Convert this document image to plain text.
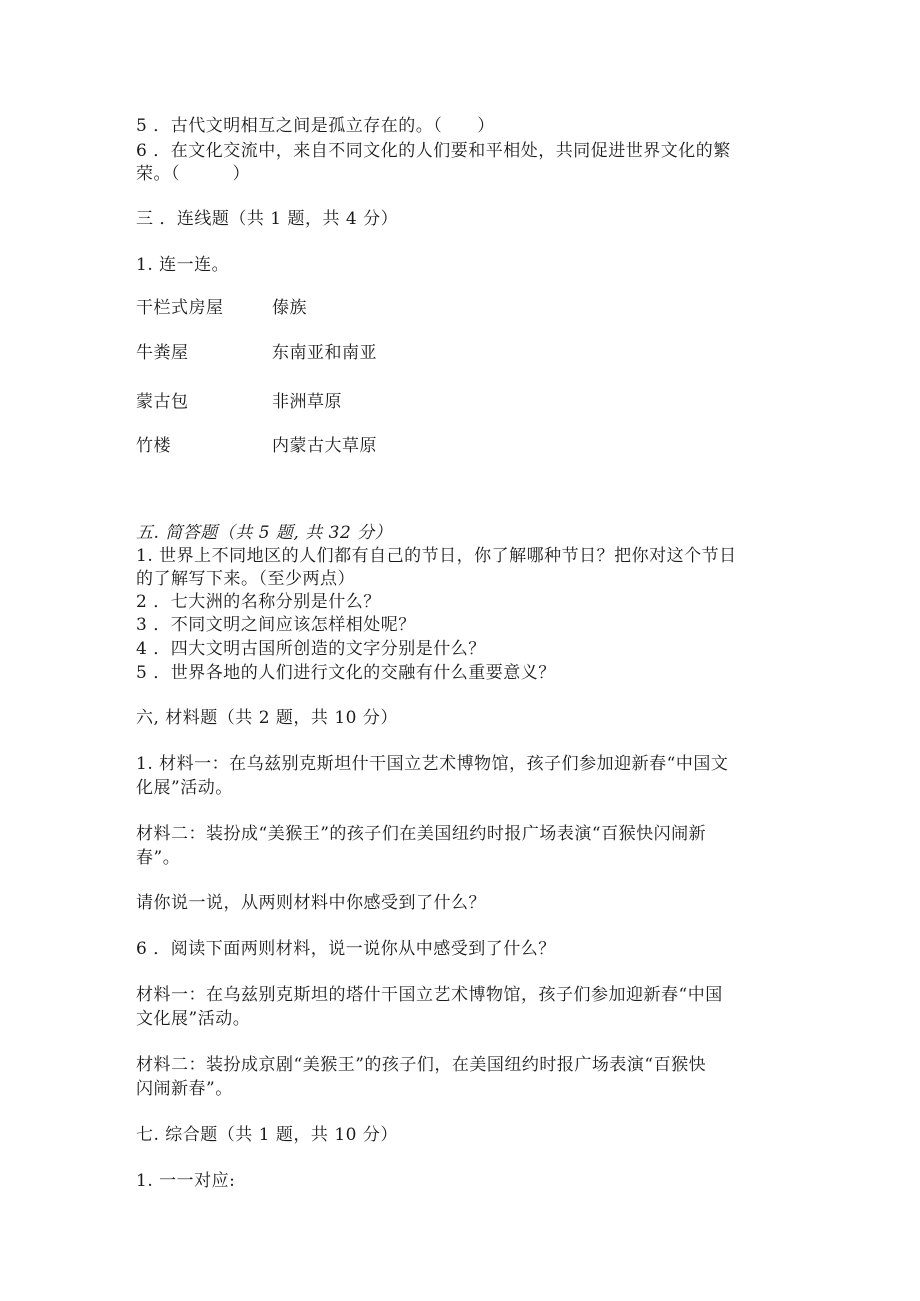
5 ．古代文明相互之间是孤立存在的。（　　）
6 ．在文化交流中，来自不同文化的人们要和平相处，共同促进世界文化的繁
荣。（　　　）
三 ．连线题（共 1 题，共 4 分）
1. 连一连。
干栏式房屋	傣族
牛粪屋	东南亚和南亚
蒙古包	非洲草原
竹楼	内蒙古大草原
五. 简答题（共 5 题, 共 32 分）
1. 世界上不同地区的人们都有自己的节日，你了解哪种节日？把你对这个节日
的了解写下来。（至少两点）
2 ．七大洲的名称分别是什么？
3 ．不同文明之间应该怎样相处呢？
4 ．四大文明古国所创造的文字分别是什么？
5 ．世界各地的人们进行文化的交融有什么重要意义？
六, 材料题（共 2 题，共 10 分）
1. 材料一：在乌兹别克斯坦什干国立艺术博物馆，孩子们参加迎新春“中国文
化展”活动。
材料二：装扮成“美猴王”的孩子们在美国纽约时报广场表演“百猴快闪闹新
春”。
请你说一说，从两则材料中你感受到了什么？
6 ．阅读下面两则材料，说一说你从中感受到了什么？
材料一：在乌兹别克斯坦的塔什干国立艺术博物馆，孩子们参加迎新春“中国
文化展”活动。
材料二：装扮成京剧“美猴王”的孩子们，在美国纽约时报广场表演“百猴快
闪闹新春”。
七. 综合题（共 1 题，共 10 分）
1. 一一对应:
